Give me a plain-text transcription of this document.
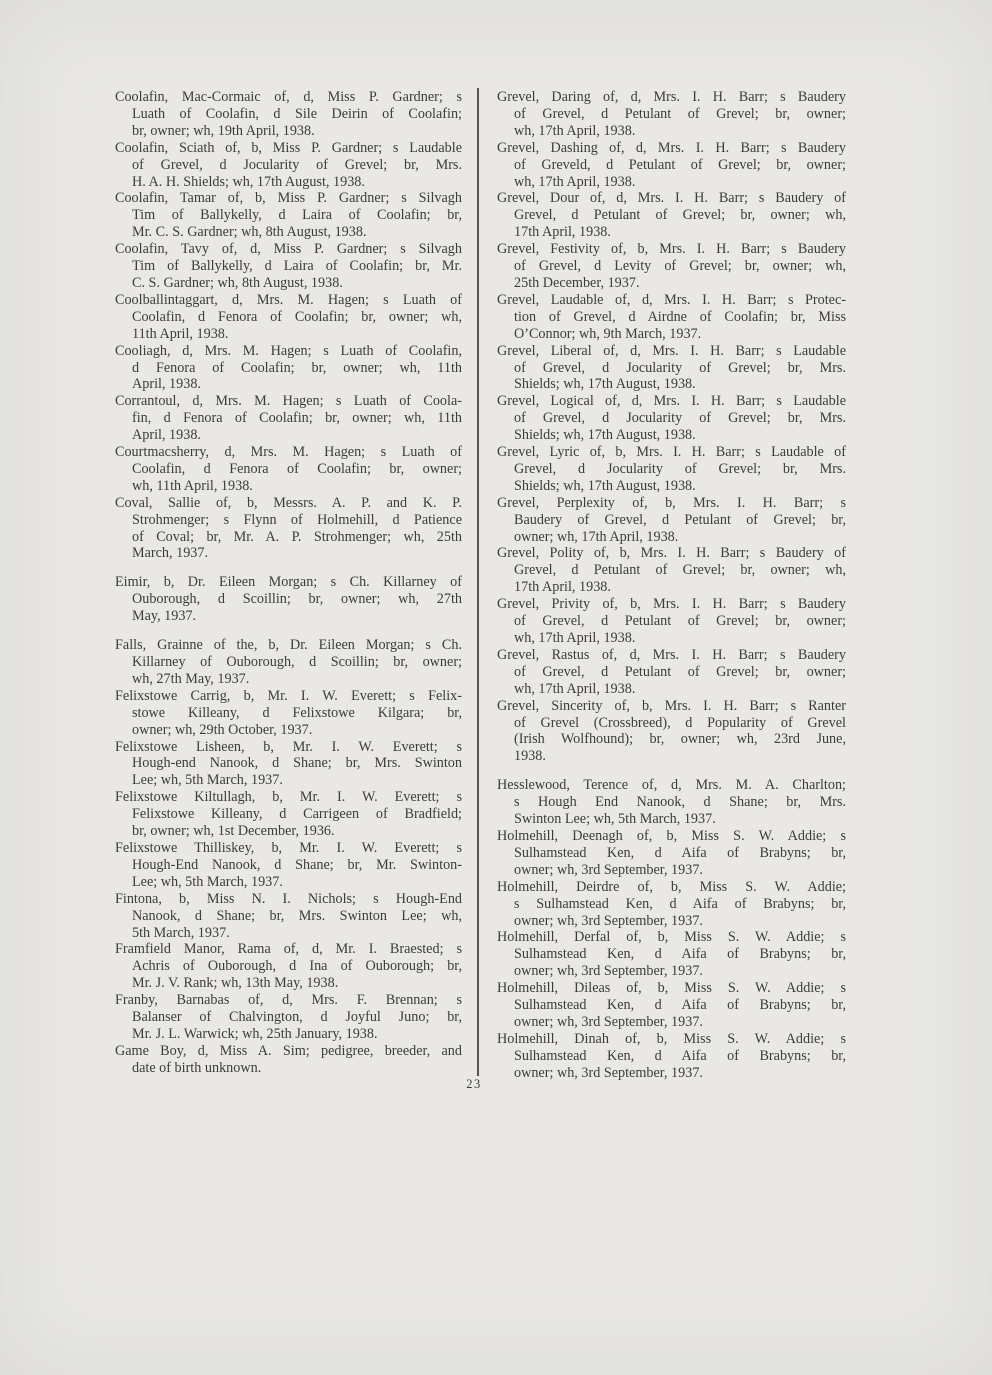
Coolafin, Mac-Cormaic of, d, Miss P. Gardner; s
Luath of Coolafin, d Sile Deirin of Coolafin;
br, owner; wh, 19th April, 1938.

Coolafin, Sciath of, b, Miss P. Gardner; s Laudable
of Grevel, d Jocularity of Grevel; br, Mrs.
H. A. H. Shields; wh, 17th August, 1938.

Coolafin, Tamar of, b, Miss P. Gardner; s Silvagh
Tim of Ballykelly, d Laira of Coolafin; br,
Mr. C. S. Gardner; wh, 8th August, 1938.

Coolafin, Tavy of, d, Miss P. Gardner; s Silvagh
Tim of Ballykelly, d Laira of Coolafin; br, Mr.
C. S. Gardner; wh, 8th August, 1938.

Coolballintaggart, d, Mrs. M. Hagen; s Luath of
Coolafin, d Fenora of Coolafin; br, owner; wh,
11th April, 1938.

Cooliagh, d, Mrs. M. Hagen; s Luath of Coolafin,
d Fenora of Coolafin; br, owner; wh, 11th
April, 1938.

Corrantoul, d, Mrs. M. Hagen; s Luath of Coola-
fin, d Fenora of Coolafin; br, owner; wh, 11th
April, 1938.

Courtmacsherry, d, Mrs. M. Hagen; s Luath of
Coolafin, d Fenora of Coolafin; br, owner;
wh, 11th April, 1938.

Coval, Sallie of, b, Messrs. A. P. and K. P.
Strohmenger; s Flynn of Holmehill, d Patience
of Coval; br, Mr. A. P. Strohmenger; wh, 25th
March, 1937.

Eimir, b, Dr. Eileen Morgan; s Ch. Killarney of
Ouborough, d Scoillin; br, owner; wh, 27th
May, 1937.

Falls, Grainne of the, b, Dr. Eileen Morgan; s Ch.
Killarney of Ouborough, d Scoillin; br, owner;
wh, 27th May, 1937.

Felixstowe Carrig, b, Mr. I. W. Everett; s Felix-
stowe Killeany, d Felixstowe Kilgara; br,
owner; wh, 29th October, 1937.

Felixstowe Lisheen, b, Mr. I. W. Everett; s
Hough-end Nanook, d Shane; br, Mrs. Swinton
Lee; wh, 5th March, 1937.

Felixstowe Kiltullagh, b, Mr. I. W. Everett; s
Felixstowe Killeany, d Carrigeen of Bradfield;
br, owner; wh, 1st December, 1936.

Felixstowe Thilliskey, b, Mr. I. W. Everett; s
Hough-End Nanook, d Shane; br, Mr. Swinton-
Lee; wh, 5th March, 1937.

Fintona, b, Miss N. I. Nichols; s Hough-End
Nanook, d Shane; br, Mrs. Swinton Lee; wh,
5th March, 1937.

Framfield Manor, Rama of, d, Mr. I. Braested; s
Achris of Ouborough, d Ina of Ouborough; br,
Mr. J. V. Rank; wh, 13th May, 1938.

Franby, Barnabas of, d, Mrs. F. Brennan; s
Balanser of Chalvington, d Joyful Juno; br,
Mr. J. L. Warwick; wh, 25th January, 1938.

Game Boy, d, Miss A. Sim; pedigree, breeder, and
date of birth unknown.

Grevel, Daring of, d, Mrs. I. H. Barr; s Baudery
of Grevel, d Petulant of Grevel; br, owner;
wh, 17th April, 1938.

Grevel, Dashing of, d, Mrs. I. H. Barr; s Baudery
of Greveld, d Petulant of Grevel; br, owner;
wh, 17th April, 1938.

Grevel, Dour of, d, Mrs. I. H. Barr; s Baudery of
Grevel, d Petulant of Grevel; br, owner; wh,
17th April, 1938.

Grevel, Festivity of, b, Mrs. I. H. Barr; s Baudery
of Grevel, d Levity of Grevel; br, owner; wh,
25th December, 1937.

Grevel, Laudable of, d, Mrs. I. H. Barr; s Protec-
tion of Grevel, d Airdne of Coolafin; br, Miss
O’Connor; wh, 9th March, 1937.

Grevel, Liberal of, d, Mrs. I. H. Barr; s Laudable
of Grevel, d Jocularity of Grevel; br, Mrs.
Shields; wh, 17th August, 1938.

Grevel, Logical of, d, Mrs. I. H. Barr; s Laudable
of Grevel, d Jocularity of Grevel; br, Mrs.
Shields; wh, 17th August, 1938.

Grevel, Lyric of, b, Mrs. I. H. Barr; s Laudable of
Grevel, d Jocularity of Grevel; br, Mrs.
Shields; wh, 17th August, 1938.

Grevel, Perplexity of, b, Mrs. I. H. Barr; s
Baudery of Grevel, d Petulant of Grevel; br,
owner; wh, 17th April, 1938.

Grevel, Polity of, b, Mrs. I. H. Barr; s Baudery of
Grevel, d Petulant of Grevel; br, owner; wh,
17th April, 1938.

Grevel, Privity of, b, Mrs. I. H. Barr; s Baudery
of Grevel, d Petulant of Grevel; br, owner;
wh, 17th April, 1938.

Grevel, Rastus of, d, Mrs. I. H. Barr; s Baudery
of Grevel, d Petulant of Grevel; br, owner;
wh, 17th April, 1938.

Grevel, Sincerity of, b, Mrs. I. H. Barr; s Ranter
of Grevel (Crossbreed), d Popularity of Grevel
(Irish Wolfhound); br, owner; wh, 23rd June,
1938.

Hesslewood, Terence of, d, Mrs. M. A. Charlton;
s Hough End Nanook, d Shane; br, Mrs.
Swinton Lee; wh, 5th March, 1937.

Holmehill, Deenagh of, b, Miss S. W. Addie; s
Sulhamstead Ken, d Aifa of Brabyns; br,
owner; wh, 3rd September, 1937.

Holmehill, Deirdre of, b, Miss S. W. Addie;
s Sulhamstead Ken, d Aifa of Brabyns; br,
owner; wh, 3rd September, 1937.

Holmehill, Derfal of, b, Miss S. W. Addie; s
Sulhamstead Ken, d Aifa of Brabyns; br,
owner; wh, 3rd September, 1937.

Holmehill, Dileas of, b, Miss S. W. Addie; s
Sulhamstead Ken, d Aifa of Brabyns; br,
owner; wh, 3rd September, 1937.

Holmehill, Dinah of, b, Miss S. W. Addie; s
Sulhamstead Ken, d Aifa of Brabyns; br,
owner; wh, 3rd September, 1937.

23
